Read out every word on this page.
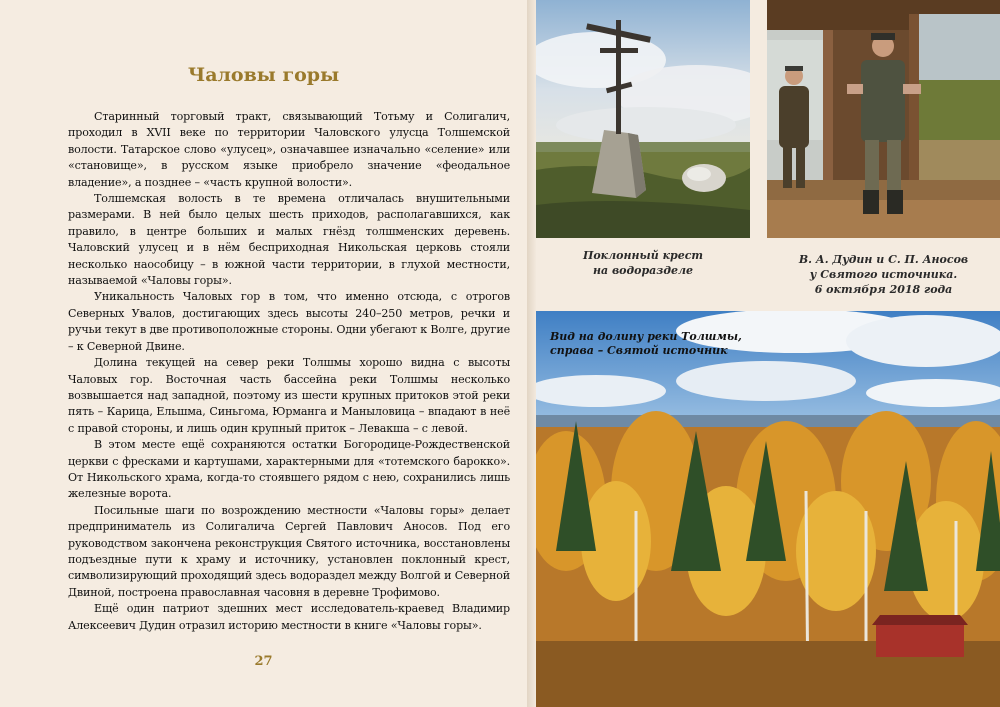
Чаловы горы

Старинный торговый тракт, связывающий Тотьму и Солигалич, проходил в XVII веке по территории Чаловского улусца Толшемской волости. Татарское слово «улусец», означавшее изначально «селение» или «становище», в русском языке приобрело значение «феодальное владение», а позднее – «часть крупной волости».

Толшемская волость в те времена отличалась внушительными размерами. В ней было целых шесть приходов, располагавшихся, как правило, в центре больших и малых гнёзд толшменских деревень. Чаловский улусец и в нём бесприходная Никольская церковь стояли несколько наособицу – в южной части территории, в глухой местности, называемой «Чаловы горы».

Уникальность Чаловых гор в том, что именно отсюда, с отрогов Северных Увалов, достигающих здесь высоты 240–250 метров, речки и ручьи текут в две противоположные стороны. Одни убегают к Волге, другие – к Северной Двине.

Долина текущей на север реки Толшмы хорошо видна с высоты Чаловых гор. Восточная часть бассейна реки Толшмы несколько возвышается над западной, поэтому из шести крупных притоков этой реки пять – Карица, Ельшма, Синьгома, Юрманга и Маныловица – впадают в неё с правой стороны, и лишь один крупный приток – Левакша – с левой.

В этом месте ещё сохраняются остатки Богородице-Рождественской церкви с фресками и картушами, характерными для «тотемского барокко». От Никольского храма, когда-то стоявшего рядом с нею, сохранились лишь железные ворота.

Посильные шаги по возрождению местности «Чаловы горы» делает предприниматель из Солигалича Сергей Павлович Аносов. Под его руководством закончена реконструкция Святого источника, восстановлены подъездные пути к храму и источнику, установлен поклонный крест, символизирующий проходящий здесь водораздел между Волгой и Северной Двиной, построена православная часовня в деревне Трофимово.

Ещё один патриот здешних мест исследователь-краевед Владимир Алексеевич Дудин отразил историю местности в книге «Чаловы горы».

27
Поклонный крест
на водоразделе
В. А. Дудин и С. П. Аносов
у Святого источника.
6 октября 2018 года
Вид на долину реки Толшмы,
справа – Святой источник
